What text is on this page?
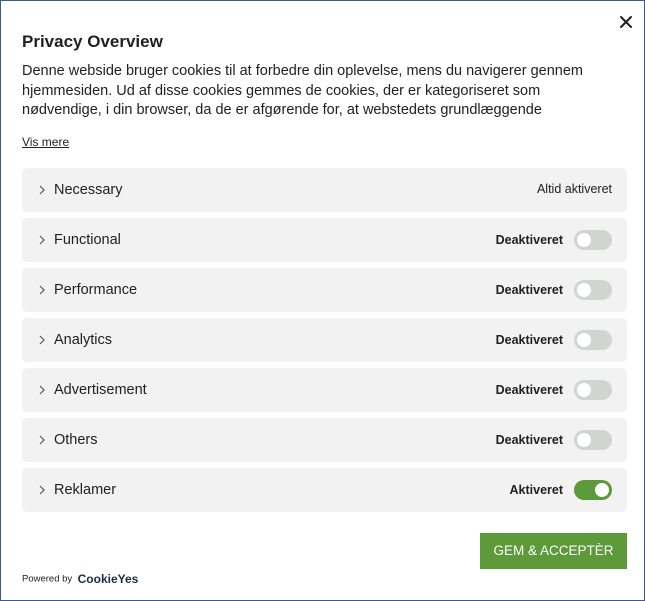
Privacy Overview
Denne webside bruger cookies til at forbedre din oplevelse, mens du navigerer gennem hjemmesiden. Ud af disse cookies gemmes de cookies, der er kategoriseret som nødvendige, i din browser, da de er afgørende for, at webstedets grundlæggende
Vis mere
Necessary	Altid aktiveret
Functional	Deaktiveret
Performance	Deaktiveret
Analytics	Deaktiveret
Advertisement	Deaktiveret
Others	Deaktiveret
Reklamer	Aktiveret
GEM & ACCEPTÈR
Powered by CookieYes
